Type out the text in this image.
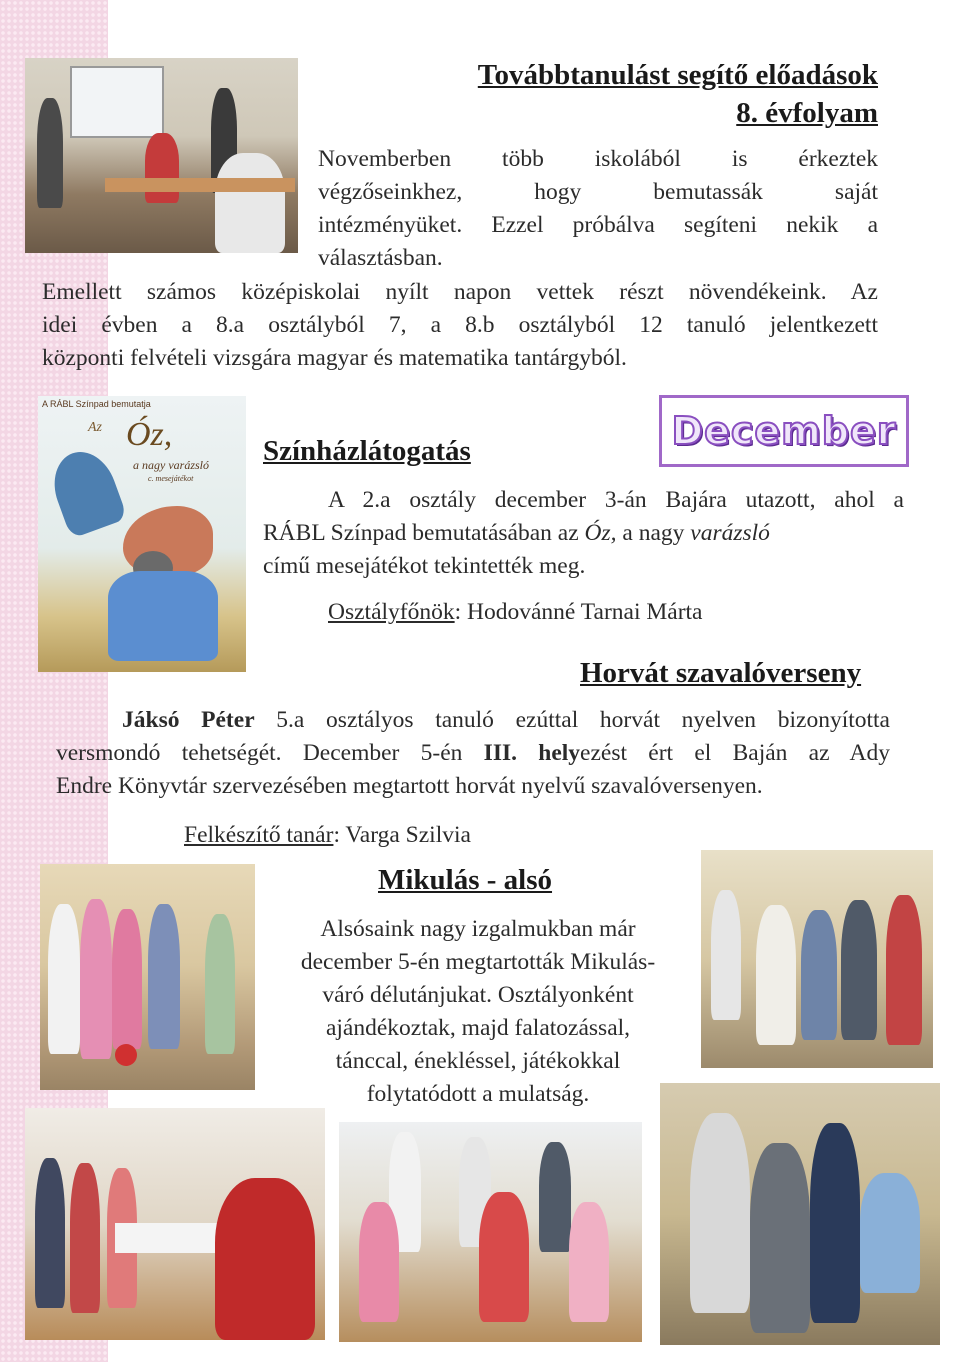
Továbbtanulást segítő előadások
8. évfolyam

Novemberben több iskolából is érkeztek

végzőseinkhez, hogy bemutassák saját

intézményüket. Ezzel próbálva segíteni nekik a

választásban.

Emellett számos középiskolai nyílt napon vettek részt növendékeink. Az

idei évben a 8.a osztályból 7, a 8.b osztályból 12 tanuló jelentkezett

központi felvételi vizsgára magyar és matematika tantárgyból.

A RÁBL Színpad bemutatja
Az Óz,
a nagy varázsló
c. mesejátékot
December
Színházlátogatás

A 2.a osztály december 3-án Bajára utazott, ahol a

RÁBL Színpad bemutatásában az Óz, a nagy varázsló

című mesejátékot tekintették meg.

Osztályfőnök: Hodovánné Tarnai Márta

Horvát szavalóverseny

Jáksó Péter 5.a osztályos tanuló ezúttal horvát nyelven bizonyította

versmondó tehetségét. December 5-én III. helyezést ért el Baján az Ady

Endre Könyvtár szervezésében megtartott horvát nyelvű szavalóversenyen.

Felkészítő tanár: Varga Szilvia

Mikulás - alsó

Alsósaink nagy izgalmukban már

december 5-én megtartották Mikulás-

váró délutánjukat. Osztályonként

ajándékoztak, majd falatozással,

tánccal, énekléssel, játékokkal

folytatódott a mulatság.
